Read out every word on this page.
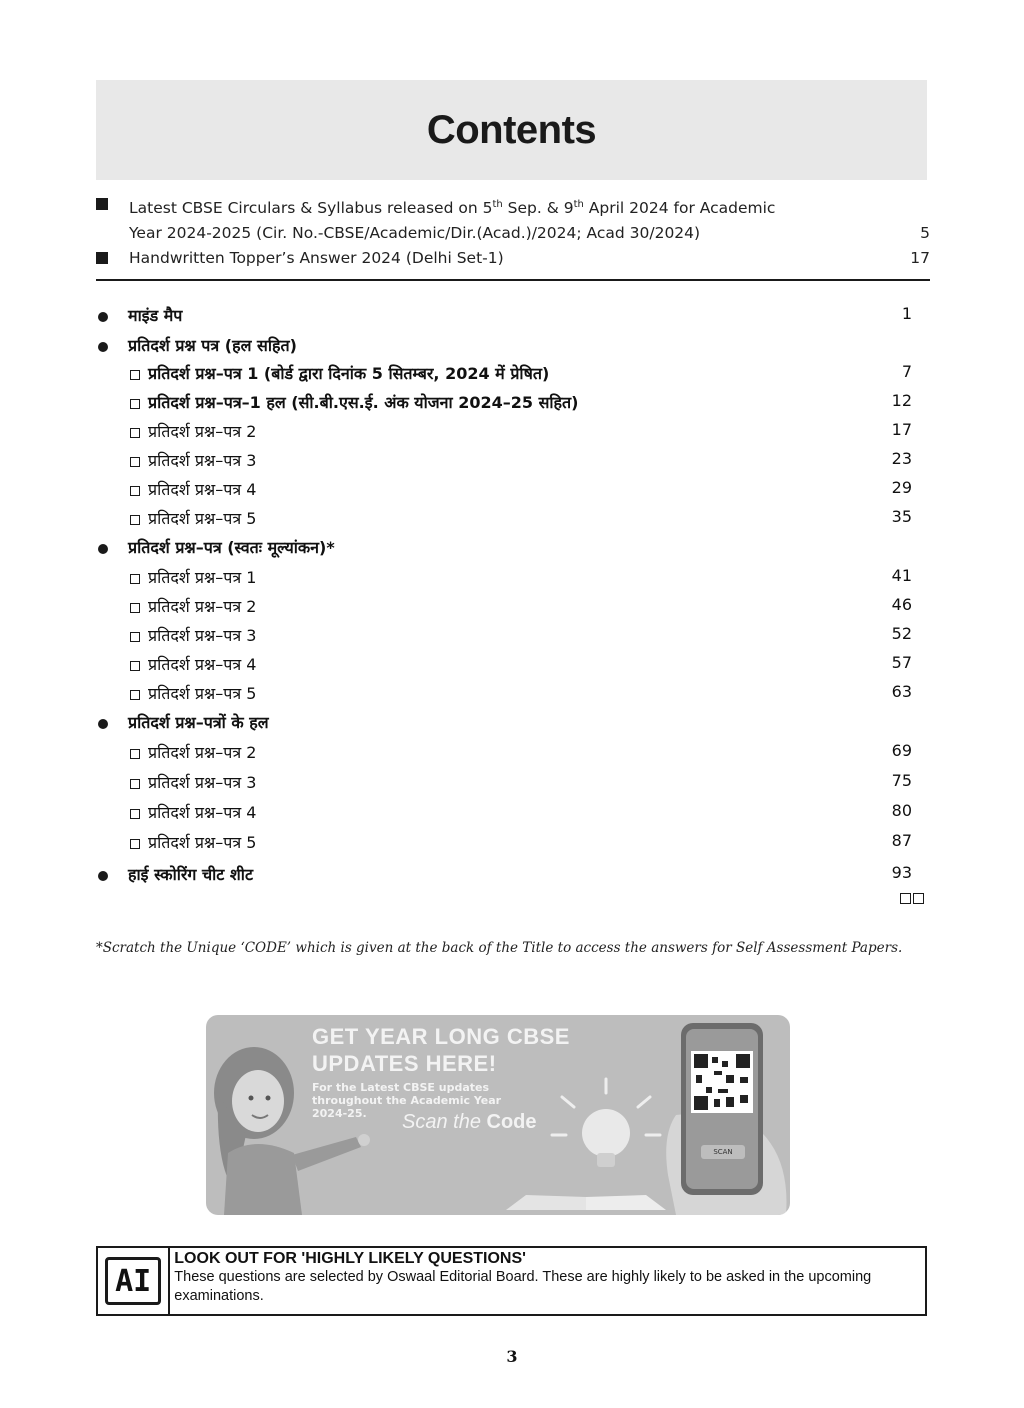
Contents
Latest CBSE Circulars & Syllabus released on 5th Sep. & 9th April 2024 for Academic
Year 2024-2025 (Cir. No.-CBSE/Academic/Dir.(Acad.)/2024; Acad 30/2024)	5
Handwritten Topper’s Answer 2024 (Delhi Set-1)	17
माइंड मैप	1
प्रतिदर्श प्रश्न पत्र (हल सहित)
प्रतिदर्श प्रश्न–पत्र 1 (बोर्ड द्वारा दिनांक 5 सितम्बर, 2024 में प्रेषित)	7
प्रतिदर्श प्रश्न–पत्र–1 हल (सी.बी.एस.ई. अंक योजना 2024–25 सहित)	12
प्रतिदर्श प्रश्न–पत्र 2	17
प्रतिदर्श प्रश्न–पत्र 3	23
प्रतिदर्श प्रश्न–पत्र 4	29
प्रतिदर्श प्रश्न–पत्र 5	35
प्रतिदर्श प्रश्न–पत्र (स्वतः मूल्यांकन)*
प्रतिदर्श प्रश्न–पत्र 1	41
प्रतिदर्श प्रश्न–पत्र 2	46
प्रतिदर्श प्रश्न–पत्र 3	52
प्रतिदर्श प्रश्न–पत्र 4	57
प्रतिदर्श प्रश्न–पत्र 5	63
प्रतिदर्श प्रश्न–पत्रों के हल
प्रतिदर्श प्रश्न–पत्र 2	69
प्रतिदर्श प्रश्न–पत्र 3	75
प्रतिदर्श प्रश्न–पत्र 4	80
प्रतिदर्श प्रश्न–पत्र 5	87
हाई स्कोरिंग चीट शीट	93
*Scratch the Unique ‘CODE’ which is given at the back of the Title to access the answers for Self Assessment Papers.
GET YEAR LONG CBSE
UPDATES HERE!
For the Latest CBSE updates throughout the Academic Year 2024-25.	Scan the Code
SCAN
AI
LOOK OUT FOR 'HIGHLY LIKELY QUESTIONS'
These questions are selected by Oswaal Editorial Board. These are highly likely to be asked in the upcoming examinations.
3
